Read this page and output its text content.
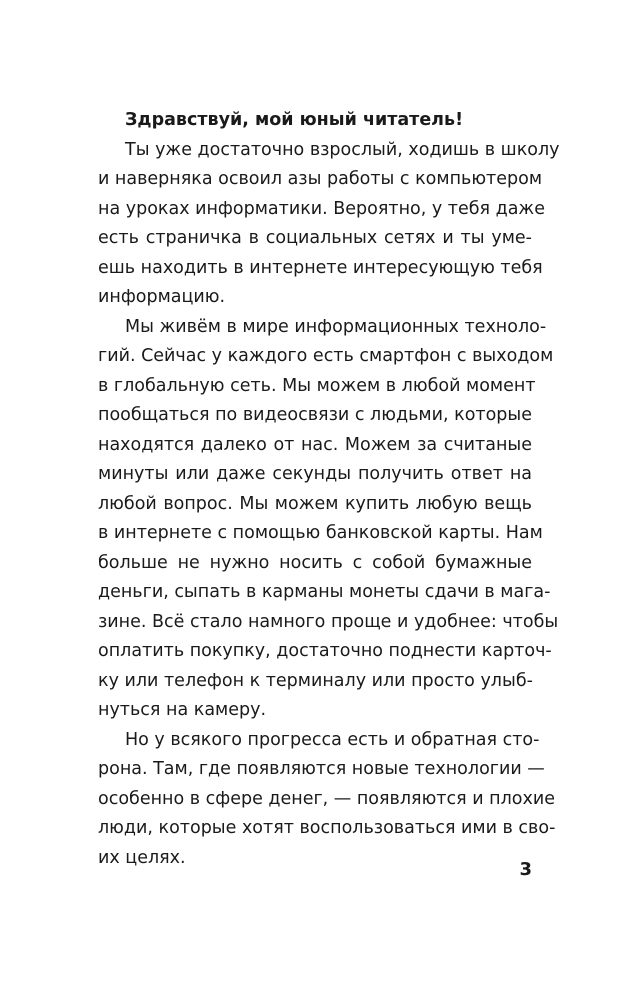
Здравствуй, мой юный читатель!
Ты уже достаточно взрослый, ходишь в школу
и наверняка освоил азы работы с компьютером
на уроках информатики. Вероятно, у тебя даже
есть страничка в социальных сетях и ты уме-
ешь находить в интернете интересующую тебя
информацию.
Мы живём в мире информационных техноло-
гий. Сейчас у каждого есть смартфон с выходом
в глобальную сеть. Мы можем в любой момент
пообщаться по видеосвязи с людьми, которые
находятся далеко от нас. Можем за считаные
минуты или даже секунды получить ответ на
любой вопрос. Мы можем купить любую вещь
в интернете с помощью банковской карты. Нам
больше не нужно носить с собой бумажные
деньги, сыпать в карманы монеты сдачи в мага-
зине. Всё стало намного проще и удобнее: чтобы
оплатить покупку, достаточно поднести карточ-
ку или телефон к терминалу или просто улыб-
нуться на камеру.
Но у всякого прогресса есть и обратная сто-
рона. Там, где появляются новые технологии —
особенно в сфере денег, — появляются и плохие
люди, которые хотят воспользоваться ими в сво-
их целях.
3
